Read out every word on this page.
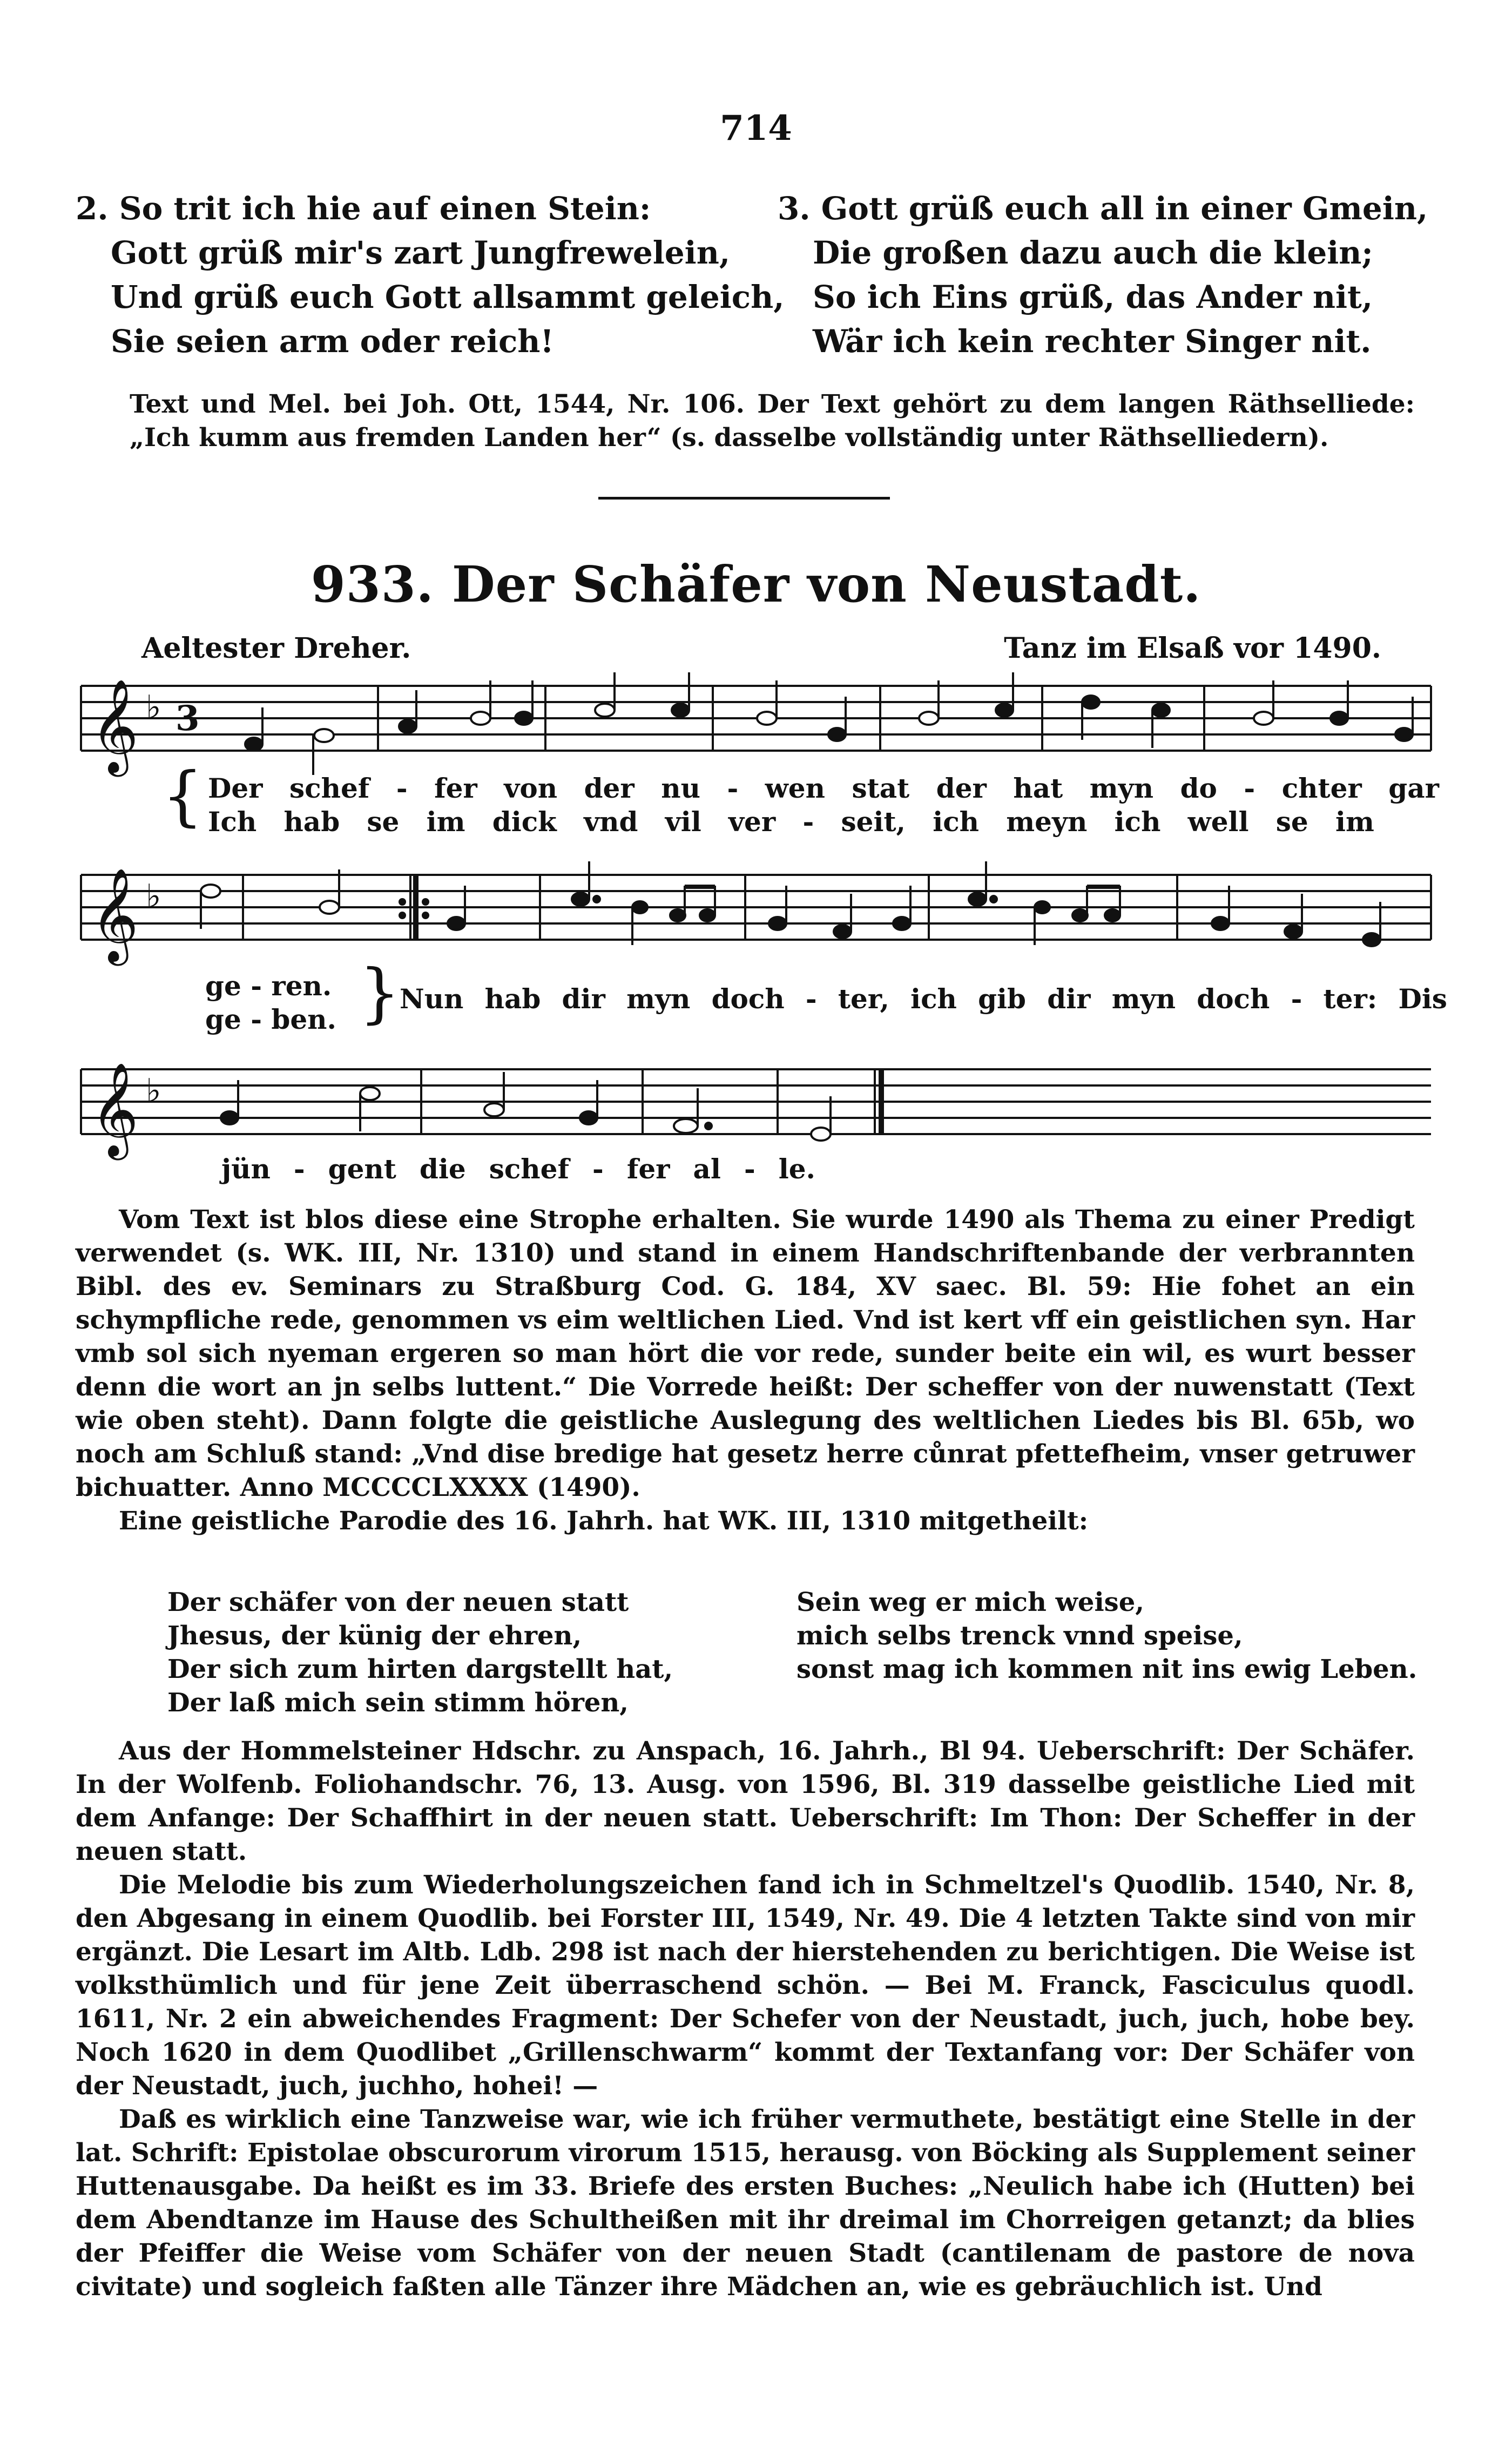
714
2. So trit ich hie auf einen Stein:
Gott grüß mir's zart Jungfrewelein,
Und grüß euch Gott allsammt geleich,
Sie seien arm oder reich!
3. Gott grüß euch all in einer Gmein,
Die großen dazu auch die klein;
So ich Eins grüß, das Ander nit,
Wär ich kein rechter Singer nit.

Text und Mel. bei Joh. Ott, 1544, Nr. 106. Der Text gehört zu dem langen Räthselliede: „Ich kumm aus fremden Landen her“ (s. dasselbe vollständig unter Räthselliedern).

933. Der Schäfer von Neustadt.
Aeltester Dreher.	Tanz im Elsaß vor 1490.
𝄞 ♭ 3
{ Der schef - fer von der nu - wen stat der hat myn do - chter gar
Ich hab se im dick vnd vil ver - seit, ich meyn ich well se im
𝄞 ♭
ge - ren.
ge - ben. }
Nun hab dir myn doch - ter, ich gib dir myn doch - ter: Dis
𝄞 ♭
jün - gent die schef - fer al - le.

Vom Text ist blos diese eine Strophe erhalten. Sie wurde 1490 als Thema zu einer Predigt verwendet (s. WK. III, Nr. 1310) und stand in einem Handschriftenbande der verbrannten Bibl. des ev. Seminars zu Straßburg Cod. G. 184, XV saec. Bl. 59: Hie fohet an ein schympfliche rede, genommen vs eim weltlichen Lied. Vnd ist kert vff ein geistlichen syn. Har vmb sol sich nyeman ergeren so man hört die vor rede, sunder beite ein wil, es wurt besser denn die wort an jn selbs luttent.“ Die Vorrede heißt: Der scheffer von der nuwenstatt (Text wie oben steht). Dann folgte die geistliche Auslegung des weltlichen Liedes bis Bl. 65b, wo noch am Schluß stand: „Vnd dise bredige hat gesetz herre cůnrat pfettefheim, vnser getruwer bichuatter. Anno MCCCCLXXXX (1490).

Eine geistliche Parodie des 16. Jahrh. hat WK. III, 1310 mitgetheilt:

Der schäfer von der neuen statt
Jhesus, der künig der ehren,
Der sich zum hirten dargstellt hat,
Der laß mich sein stimm hören,
Sein weg er mich weise,
mich selbs trenck vnnd speise,
sonst mag ich kommen nit ins ewig Leben.

Aus der Hommelsteiner Hdschr. zu Anspach, 16. Jahrh., Bl 94. Ueberschrift: Der Schäfer. In der Wolfenb. Foliohandschr. 76, 13. Ausg. von 1596, Bl. 319 dasselbe geistliche Lied mit dem Anfange: Der Schaffhirt in der neuen statt. Ueberschrift: Im Thon: Der Scheffer in der neuen statt.

Die Melodie bis zum Wiederholungszeichen fand ich in Schmeltzel's Quodlib. 1540, Nr. 8, den Abgesang in einem Quodlib. bei Forster III, 1549, Nr. 49. Die 4 letzten Takte sind von mir ergänzt. Die Lesart im Altb. Ldb. 298 ist nach der hierstehenden zu berichtigen. Die Weise ist volksthümlich und für jene Zeit überraschend schön. — Bei M. Franck, Fasciculus quodl. 1611, Nr. 2 ein abweichendes Fragment: Der Schefer von der Neustadt, juch, juch, hobe bey. Noch 1620 in dem Quodlibet „Grillenschwarm“ kommt der Textanfang vor: Der Schäfer von der Neustadt, juch, juchho, hohei! —

Daß es wirklich eine Tanzweise war, wie ich früher vermuthete, bestätigt eine Stelle in der lat. Schrift: Epistolae obscurorum virorum 1515, herausg. von Böcking als Supplement seiner Huttenausgabe. Da heißt es im 33. Briefe des ersten Buches: „Neulich habe ich (Hutten) bei dem Abendtanze im Hause des Schultheißen mit ihr dreimal im Chorreigen getanzt; da blies der Pfeiffer die Weise vom Schäfer von der neuen Stadt (cantilenam de pastore de nova civitate) und sogleich faßten alle Tänzer ihre Mädchen an, wie es gebräuchlich ist. Und
